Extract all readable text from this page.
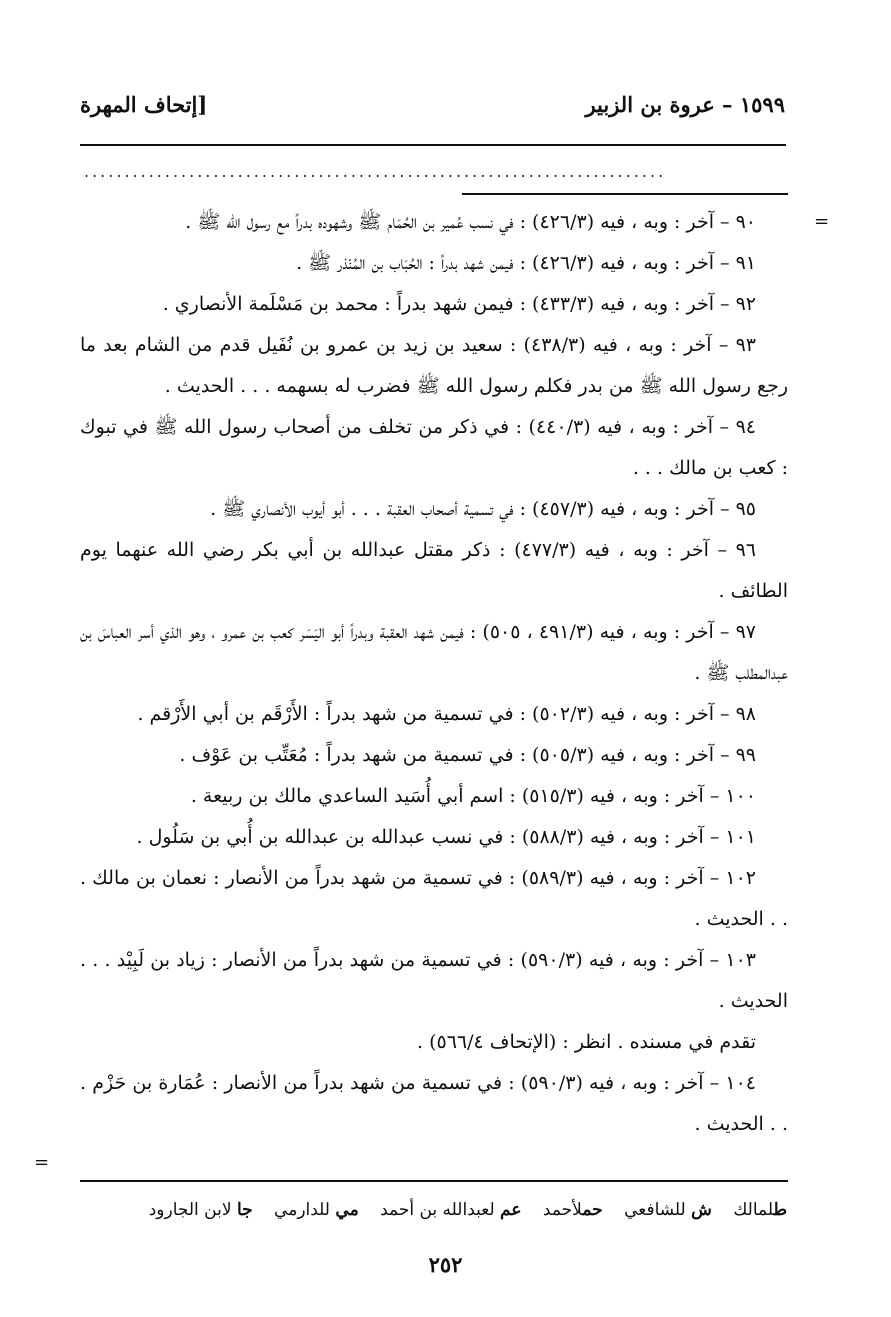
١٥٩٩ – عروة بن الزبير
[إتحاف المهرة
........................................................................
=
=

٩٠ – آخر : وبه ، فيه (٤٢٦/٣) : في نسب عُمير بن الحُمَام ﷺ وشهوده بدراً مع رسول الله ﷺ .

٩١ – آخر : وبه ، فيه (٤٢٦/٣) : فيمن شهد بدراً : الحُبَاب بن المُنْذر ﷺ .

٩٢ – آخر : وبه ، فيه (٤٣٣/٣) : فيمن شهد بدراً : محمد بن مَسْلَمة الأنصاري .

٩٣ – آخر : وبه ، فيه (٤٣٨/٣) : سعيد بن زيد بن عمرو بن نُفَيل قدم من الشام بعد ما رجع رسول الله ﷺ من بدر فكلم رسول الله ﷺ فضرب له بسهمه . . . الحديث .

٩٤ – آخر : وبه ، فيه (٤٤٠/٣) : في ذكر من تخلف من أصحاب رسول الله ﷺ في تبوك : كعب بن مالك . . .

٩٥ – آخر : وبه ، فيه (٤٥٧/٣) : في تسمية أصحاب العقبة . . . أبو أيوب الأنصاري ﷺ .

٩٦ – آخر : وبه ، فيه (٤٧٧/٣) : ذكر مقتل عبدالله بن أبي بكر رضي الله عنهما يوم الطائف .

٩٧ – آخر : وبه ، فيه (٤٩١/٣ ، ٥٠٥) : فيمن شهد العقبة وبدراً أبو اليَسَر كعب بن عمرو ، وهو الذي أسر العباسَ بن عبدالمطلب ﷺ .

٩٨ – آخر : وبه ، فيه (٥٠٢/٣) : في تسمية من شهد بدراً : الأَرْقَم بن أبي الأَرْقم .

٩٩ – آخر : وبه ، فيه (٥٠٥/٣) : في تسمية من شهد بدراً : مُعَتِّب بن عَوْف .

١٠٠ – آخر : وبه ، فيه (٥١٥/٣) : اسم أبي أُسَيد الساعدي مالك بن ربيعة .

١٠١ – آخر : وبه ، فيه (٥٨٨/٣) : في نسب عبدالله بن عبدالله بن أُبي بن سَلُول .

١٠٢ – آخر : وبه ، فيه (٥٨٩/٣) : في تسمية من شهد بدراً من الأنصار : نعمان بن مالك . . . الحديث .

١٠٣ – آخر : وبه ، فيه (٥٩٠/٣) : في تسمية من شهد بدراً من الأنصار : زياد بن لَبِيْد . . . الحديث .

تقدم في مسنده . انظر : (الإتحاف ٥٦٦/٤) .

١٠٤ – آخر : وبه ، فيه (٥٩٠/٣) : في تسمية من شهد بدراً من الأنصار : عُمَارة بن حَزْم . . . الحديث .

طلمالك ش للشافعي حملأحمد عم لعبدالله بن أحمد مي للدارمي جا لابن الجارود
٢٥٢
